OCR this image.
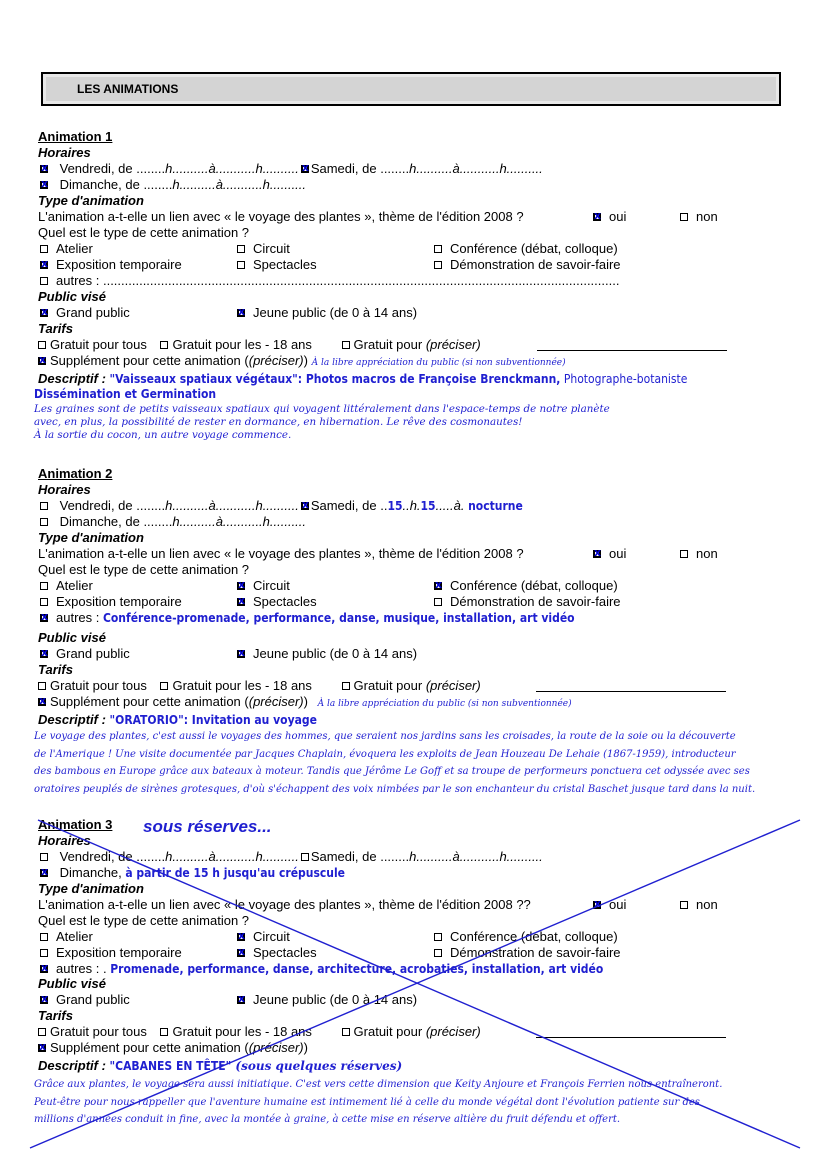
LES ANIMATIONS
Animation 1
Horaires
x Vendredi, de ........h..........à...........h.......... x Samedi, de ........h..........à...........h..........
x Dimanche, de ........h..........à...........h..........
Type d'animation
L'animation a-t-elle un lien avec « le voyage des plantes », thème de l'édition 2008 ? x	oui	non
Quel est le type de cette animation ?
Atelier	Circuit	Conférence (débat, colloque)
xExposition temporaire	Spectacles	Démonstration de savoir-faire
autres : ...............................................................................................................................................
Public visé
xGrand public x	Jeune public (de 0 à 14 ans)
Tarifs
Gratuit pour tous Gratuit pour les - 18 ans	Gratuit pour (préciser)
xSupplément pour cette animation ((préciser)) À la libre appréciation du public (si non subventionnée)
Descriptif : "Vaisseaux spatiaux végétaux": Photos macros de Françoise Brenckmann, Photographe-botaniste
Dissémination et Germination
Les graines sont de petits vaisseaux spatiaux qui voyagent littéralement dans l'espace-temps de notre planète
avec, en plus, la possibilité de rester en dormance, en hibernation. Le rêve des cosmonautes!
À la sortie du cocon, un autre voyage commence.
Animation 2
Horaires
Vendredi, de ........h..........à...........h.......... x Samedi, de ..15..h.15.....à. nocturne
Dimanche, de ........h..........à...........h..........
Type d'animation
L'animation a-t-elle un lien avec « le voyage des plantes », thème de l'édition 2008 ? x	oui	non
Quel est le type de cette animation ?
Atelier x	Circuit x	Conférence (débat, colloque)
Exposition temporaire x	Spectacles	Démonstration de savoir-faire
xautres : Conférence-promenade, performance, danse, musique, installation, art vidéo
Public visé
xGrand public x	Jeune public (de 0 à 14 ans)
Tarifs
Gratuit pour tous Gratuit pour les - 18 ans	Gratuit pour (préciser)
xSupplément pour cette animation ((préciser)) À la libre appréciation du public (si non subventionnée)
Descriptif : "ORATORIO": Invitation au voyage
Le voyage des plantes, c'est aussi le voyages des hommes, que seraient nos jardins sans les croisades, la route de la soie ou la découverte
de l'Amerique ! Une visite documentée par Jacques Chaplain, évoquera les exploits de Jean Houzeau De Lehaie (1867-1959), introducteur
des bambous en Europe grâce aux bateaux à moteur. Tandis que Jérôme Le Goff et sa troupe de performeurs ponctuera cet odyssée avec ses
oratoires peuplés de sirènes grotesques, d'où s'échappent des voix nimbées par le son enchanteur du cristal Baschet jusque tard dans la nuit.
Animation 3 sous réserves...
Horaires
Vendredi, de ........h..........à...........h.......... Samedi, de ........h..........à...........h..........
x Dimanche, à partir de 15 h jusqu'au crépuscule
Type d'animation
L'animation a-t-elle un lien avec « le voyage des plantes », thème de l'édition 2008 ?? x	oui	non
Quel est le type de cette animation ?
Atelier x	Circuit	Conférence (débat, colloque)
Exposition temporaire x	Spectacles	Démonstration de savoir-faire
xautres : . Promenade, performance, danse, architecture, acrobaties, installation, art vidéo
Public visé
xGrand public x	Jeune public (de 0 à 14 ans)
Tarifs
Gratuit pour tous Gratuit pour les - 18 ans	Gratuit pour (préciser)
xSupplément pour cette animation ((préciser))
Descriptif : "CABANES EN TÊTE" (sous quelques réserves)
Grâce aux plantes, le voyage sera aussi initiatique. C'est vers cette dimension que Keity Anjoure et François Ferrien nous entraîneront.
Peut-être pour nous rappeller que l'aventure humaine est intimement lié à celle du monde végétal dont l'évolution patiente sur des
millions d'années conduit in fine, avec la montée à graine, à cette mise en réserve altière du fruit défendu et offert.
